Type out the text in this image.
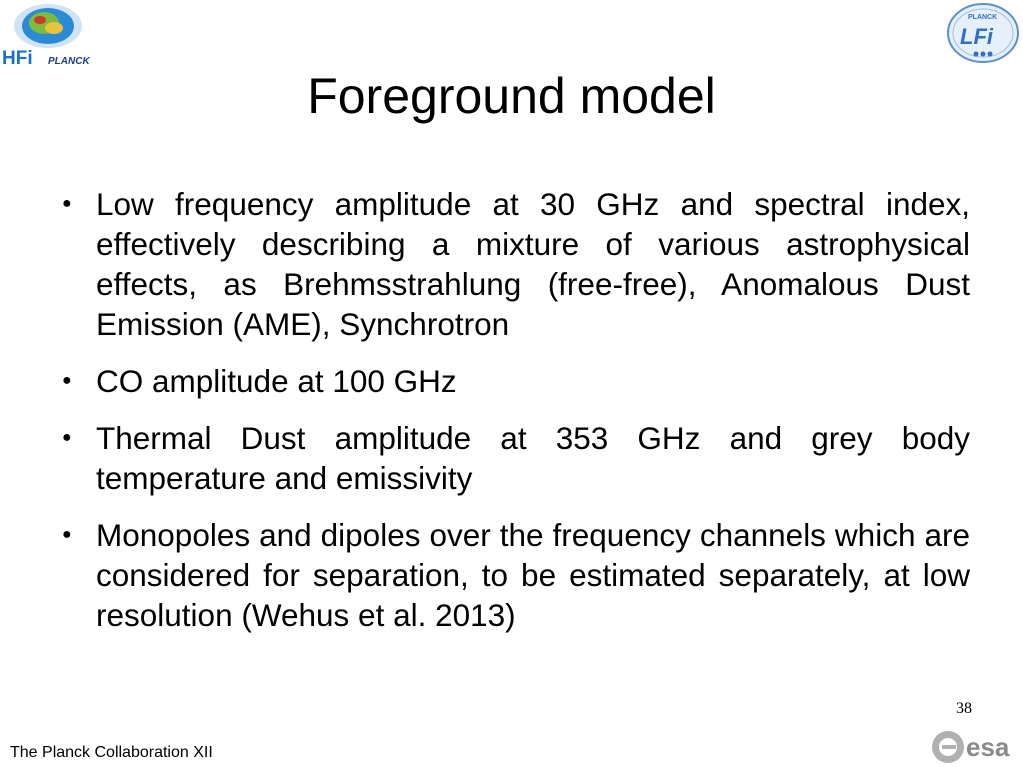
HFi PLANCK
PLANCK
LFi
Foreground model
● Low frequency amplitude at 30 GHz and spectral index, effectively describing a mixture of various astrophysical effects, as Brehmsstrahlung (free-free), Anomalous Dust Emission (AME), Synchrotron
● CO amplitude at 100 GHz
● Thermal Dust amplitude at 353 GHz and grey body temperature and emissivity
● Monopoles and dipoles over the frequency channels which are considered for separation, to be estimated separately, at low resolution (Wehus et al. 2013)
38
The Planck Collaboration XII	esa
